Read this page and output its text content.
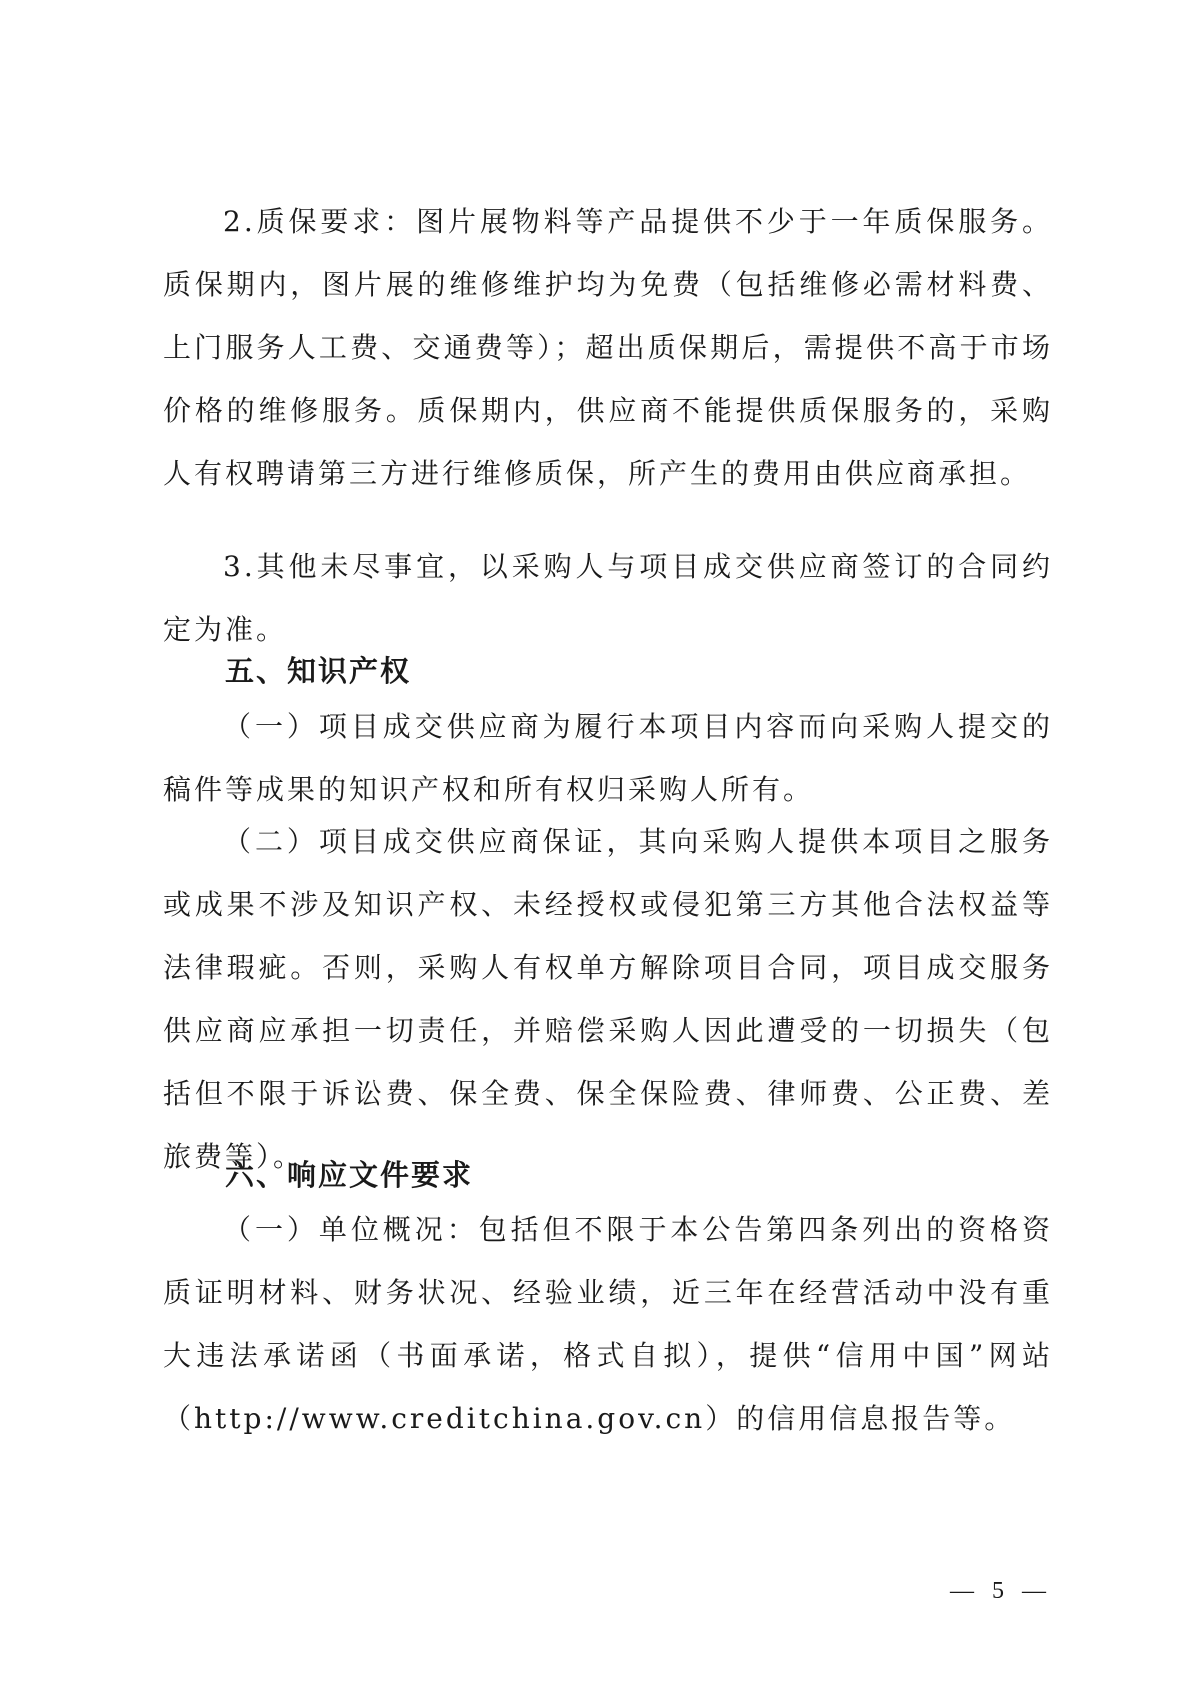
2.质保要求：图片展物料等产品提供不少于一年质保服务。质保期内，图片展的维修维护均为免费（包括维修必需材料费、上门服务人工费、交通费等）；超出质保期后，需提供不高于市场价格的维修服务。质保期内，供应商不能提供质保服务的，采购人有权聘请第三方进行维修质保，所产生的费用由供应商承担。

3.其他未尽事宜，以采购人与项目成交供应商签订的合同约定为准。

五、知识产权

（一）项目成交供应商为履行本项目内容而向采购人提交的稿件等成果的知识产权和所有权归采购人所有。

（二）项目成交供应商保证，其向采购人提供本项目之服务或成果不涉及知识产权、未经授权或侵犯第三方其他合法权益等法律瑕疵。否则，采购人有权单方解除项目合同，项目成交服务供应商应承担一切责任，并赔偿采购人因此遭受的一切损失（包括但不限于诉讼费、保全费、保全保险费、律师费、公正费、差旅费等）。

六、响应文件要求

（一）单位概况：包括但不限于本公告第四条列出的资格资质证明材料、财务状况、经验业绩，近三年在经营活动中没有重大违法承诺函（书面承诺，格式自拟），提供“信用中国”网站（http://www.creditchina.gov.cn）的信用信息报告等。

— 5 —
